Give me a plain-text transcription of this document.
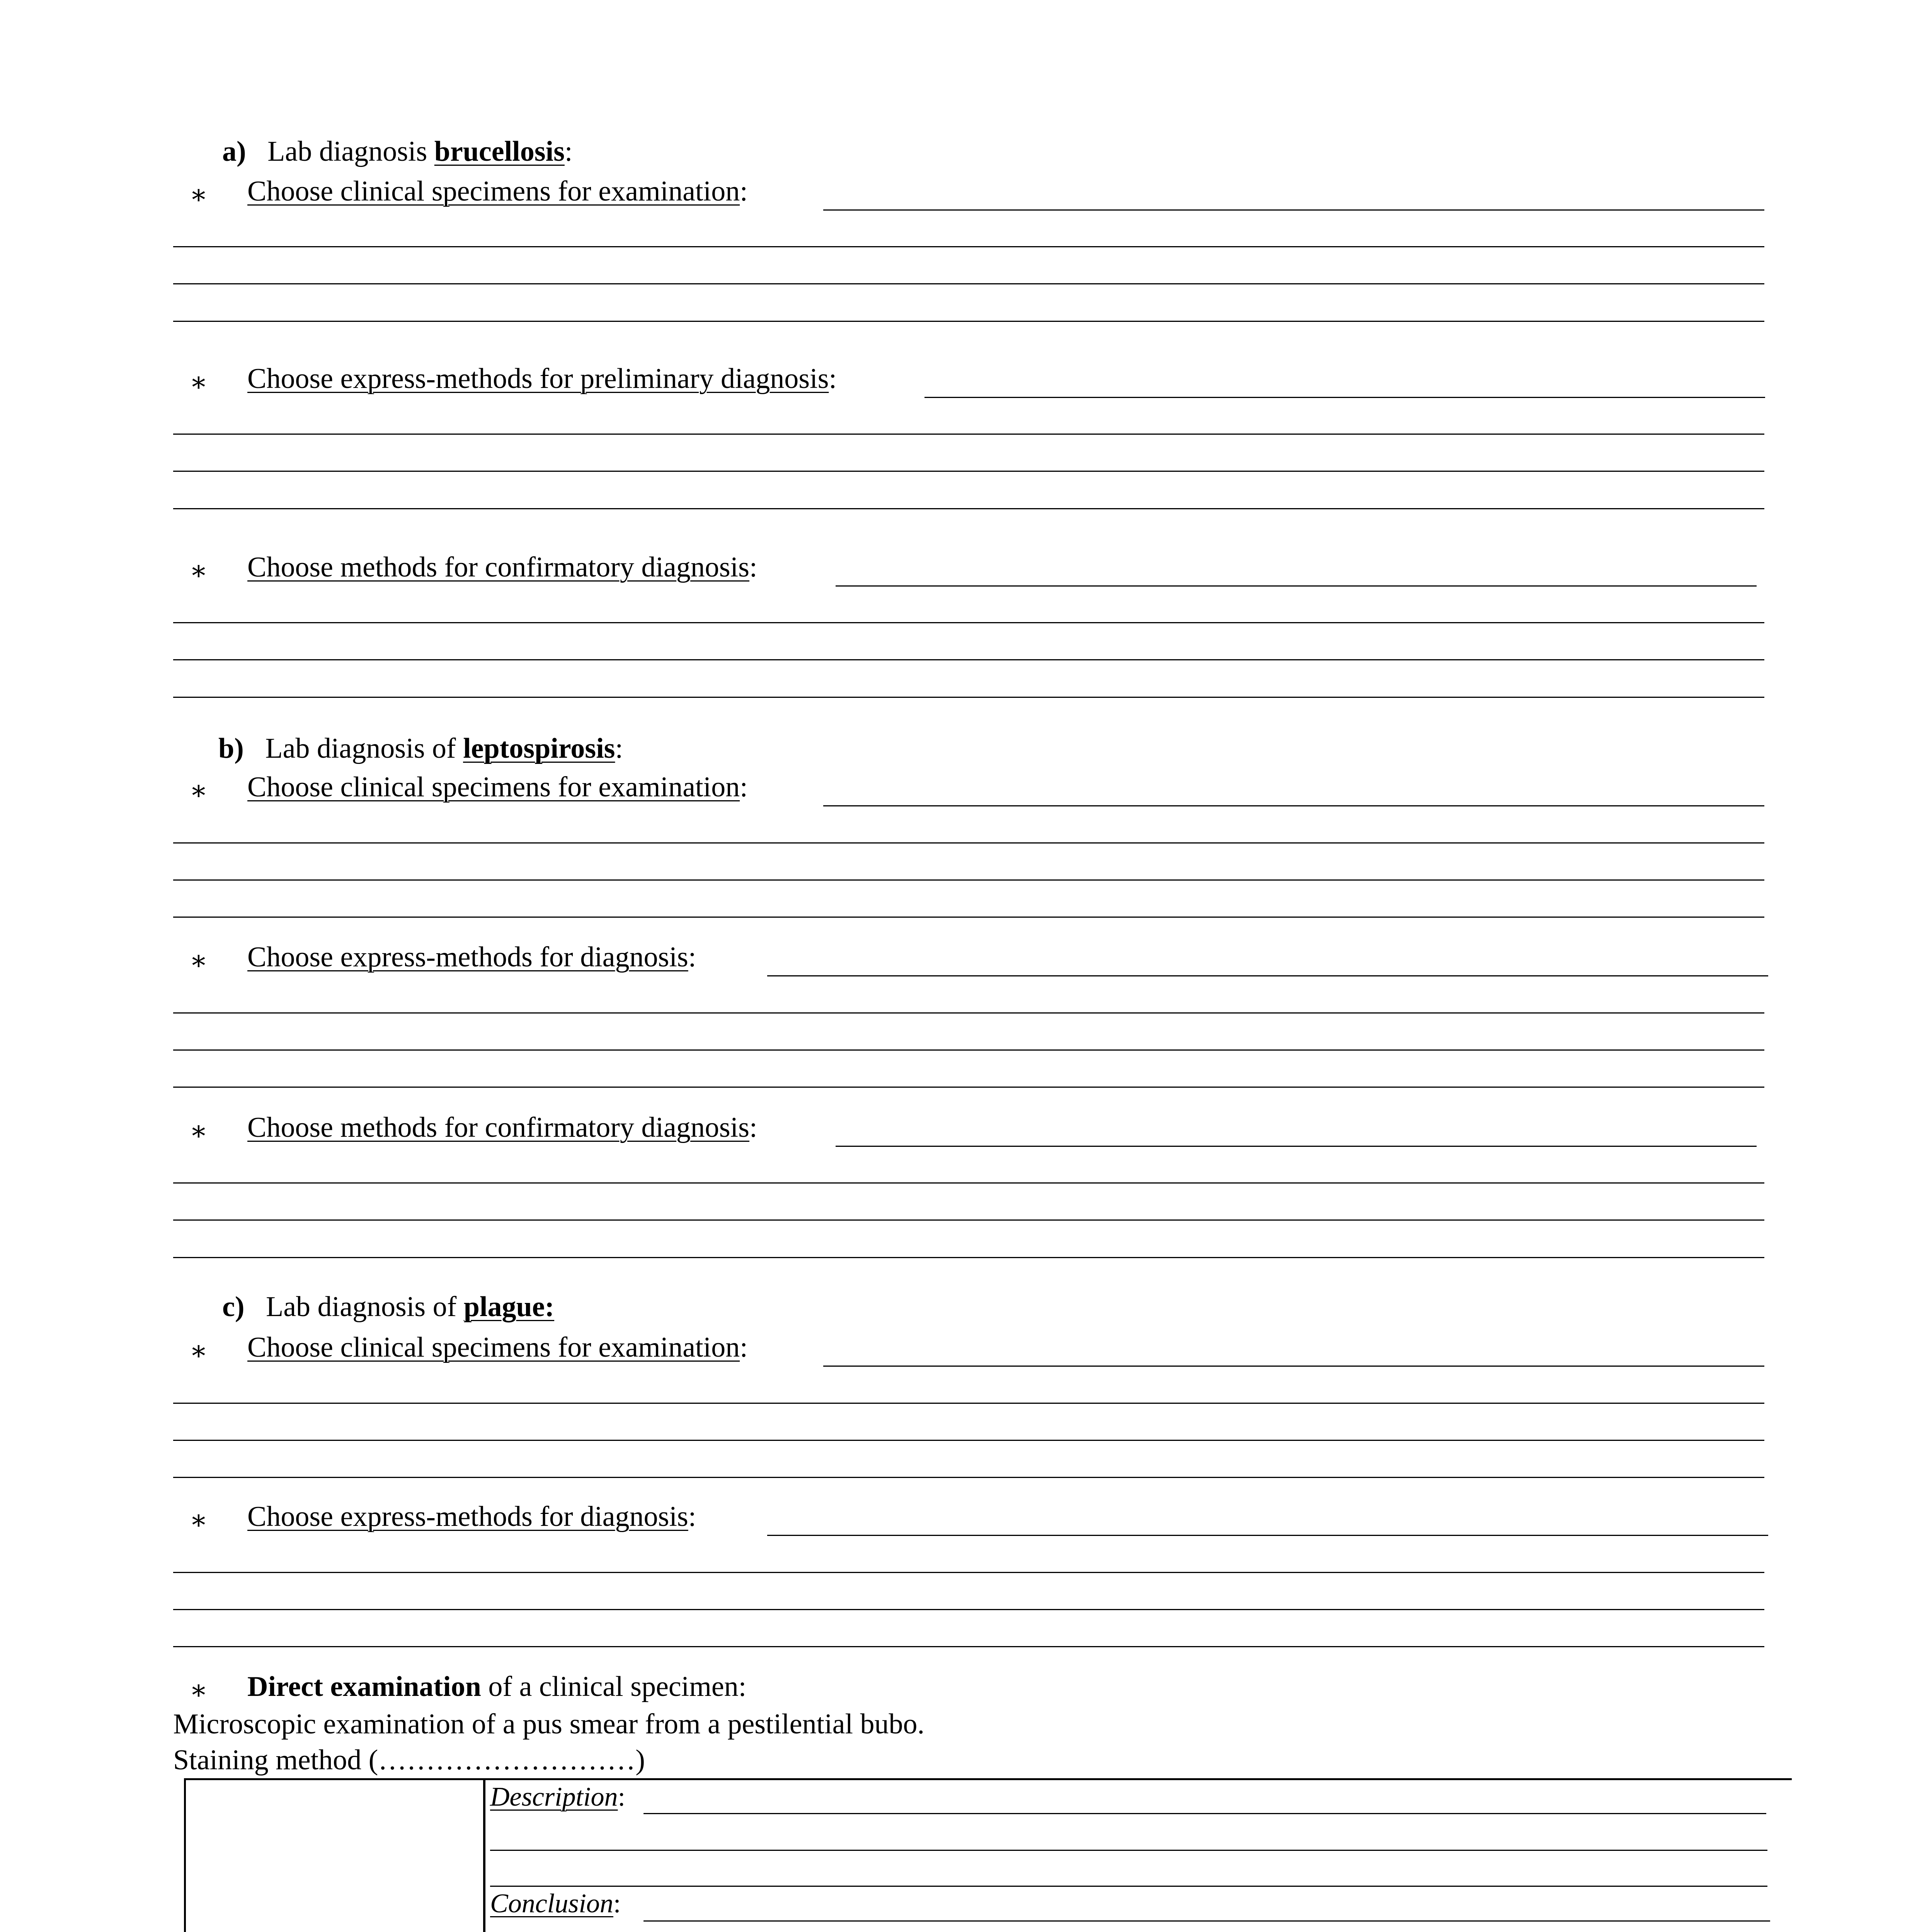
a) Lab diagnosis brucellosis:
∗ Choose clinical specimens for examination:
∗ Choose express-methods for preliminary diagnosis:
∗ Choose methods for confirmatory diagnosis:
b) Lab diagnosis of leptospirosis:
∗ Choose clinical specimens for examination:
∗ Choose express-methods for diagnosis:
∗ Choose methods for confirmatory diagnosis:
c) Lab diagnosis of plague:
∗ Choose clinical specimens for examination:
∗ Choose express-methods for diagnosis:
∗ Direct examination of a clinical specimen:
Microscopic examination of a pus smear from a pestilential bubo.
Staining method (………………………)
Description:
Conclusion:
